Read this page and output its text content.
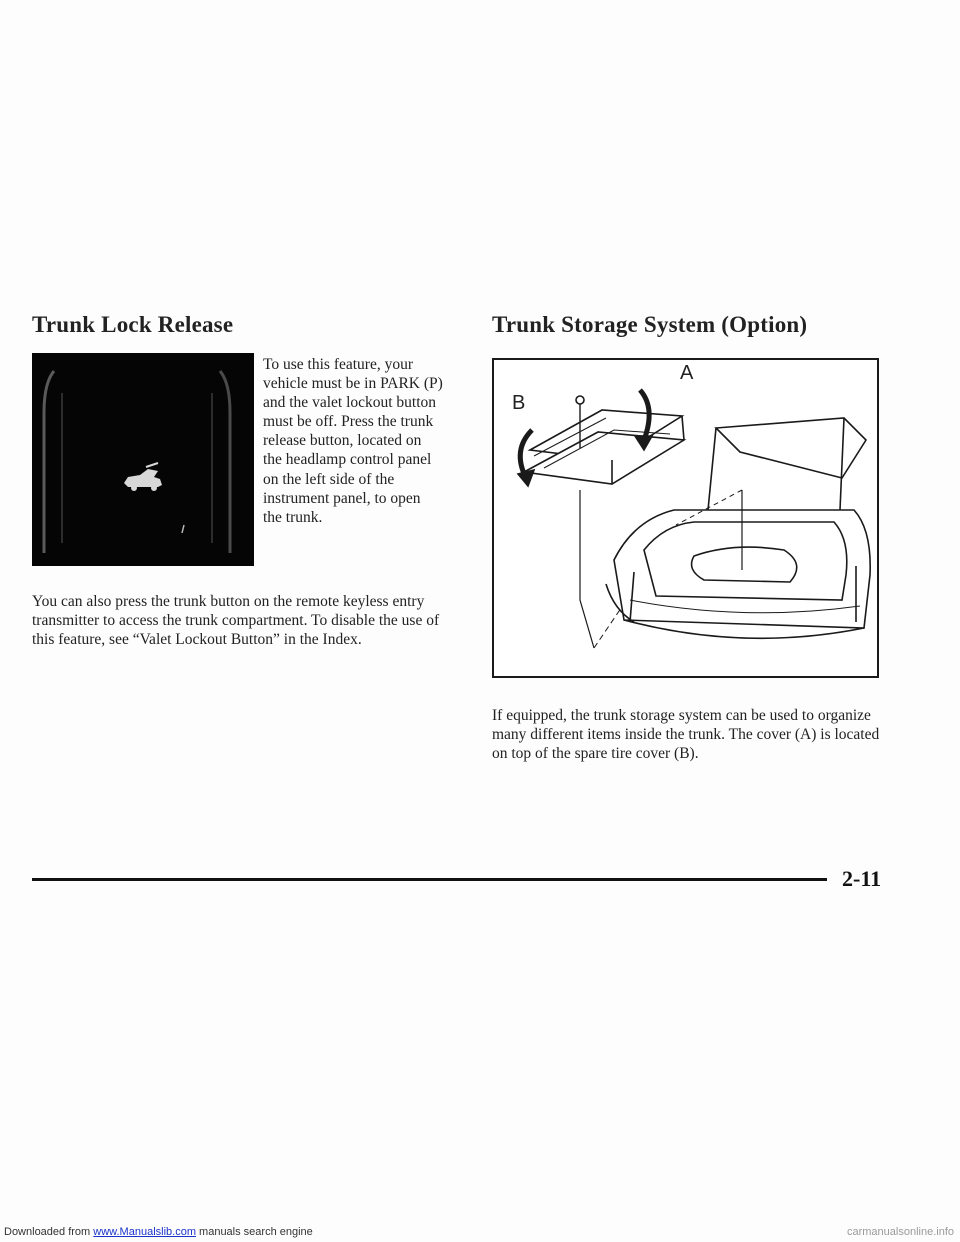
Trunk Lock Release
To use this feature, your vehicle must be in PARK (P) and the valet lockout button must be off. Press the trunk release button, located on the headlamp control panel on the left side of the instrument panel, to open the trunk.
You can also press the trunk button on the remote keyless entry transmitter to access the trunk compartment. To disable the use of this feature, see “Valet Lockout Button” in the Index.
Trunk Storage System (Option)
A
B
If equipped, the trunk storage system can be used to organize many different items inside the trunk. The cover (A) is located on top of the spare tire cover (B).
2-11
Downloaded from www.Manualslib.com manuals search engine	carmanualsonline.info
